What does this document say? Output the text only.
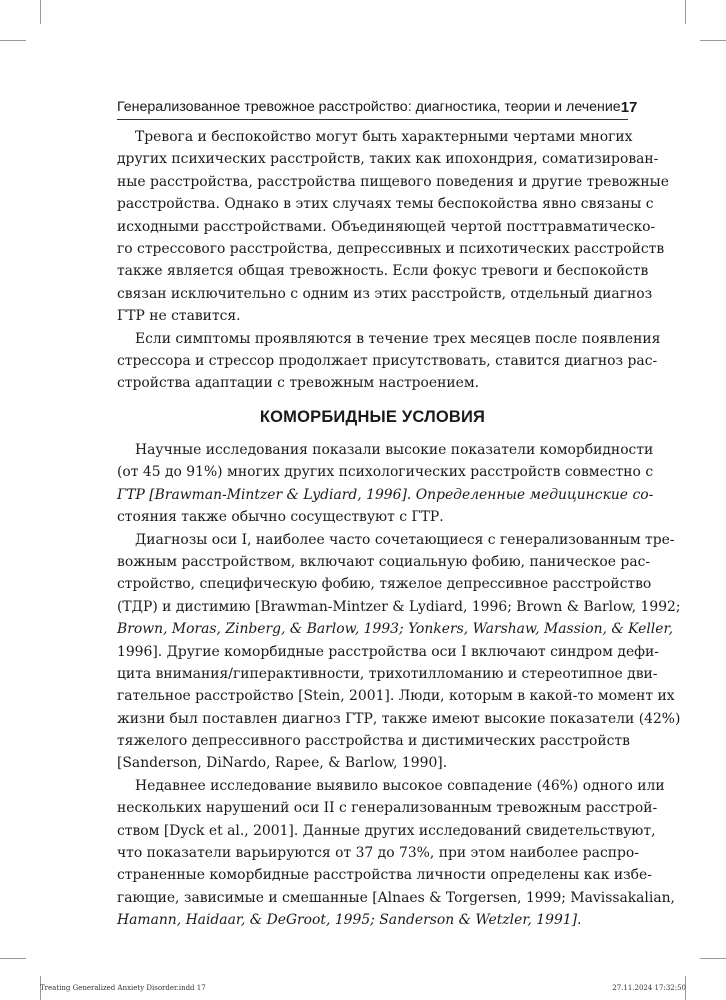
Генерализованное тревожное расстройство: диагностика, теории и лечение 17

Тревога и беспокойство могут быть характерными чертами многих
других психических расстройств, таких как ипохондрия, соматизирован-
ные расстройства, расстройства пищевого поведения и другие тревожные
расстройства. Однако в этих случаях темы беспокойства явно связаны с
исходными расстройствами. Объединяющей чертой посттравматическо-
го стрессового расстройства, депрессивных и психотических расстройств
также является общая тревожность. Если фокус тревоги и беспокойств
связан исключительно с одним из этих расстройств, отдельный диагноз
ГТР не ставится.

Если симптомы проявляются в течение трех месяцев после появления
стрессора и стрессор продолжает присутствовать, ставится диагноз рас-
стройства адаптации с тревожным настроением.

КОМОРБИДНЫЕ УСЛОВИЯ

Научные исследования показали высокие показатели коморбидности
(от 45 до 91%) многих других психологических расстройств совместно с
ГТР [Brawman-Mintzer & Lydiard, 1996]. Определенные медицинские со-
стояния также обычно сосуществуют с ГТР.

Диагнозы оси I, наиболее часто сочетающиеся с генерализованным тре-
вожным расстройством, включают социальную фобию, паническое рас-
стройство, специфическую фобию, тяжелое депрессивное расстройство
(ТДР) и дистимию [Brawman-Mintzer & Lydiard, 1996; Brown & Barlow, 1992;
Brown, Moras, Zinberg, & Barlow, 1993; Yonkers, Warshaw, Massion, & Keller,
1996]. Другие коморбидные расстройства оси I включают синдром дефи-
цита внимания/гиперактивности, трихотилломанию и стереотипное дви-
гательное расстройство [Stein, 2001]. Люди, которым в какой-то момент их
жизни был поставлен диагноз ГТР, также имеют высокие показатели (42%)
тяжелого депрессивного расстройства и дистимических расстройств
[Sanderson, DiNardo, Rapee, & Barlow, 1990].

Недавнее исследование выявило высокое совпадение (46%) одного или
нескольких нарушений оси II с генерализованным тревожным расстрой-
ством [Dyck et al., 2001]. Данные других исследований свидетельствуют,
что показатели варьируются от 37 до 73%, при этом наиболее распро-
страненные коморбидные расстройства личности определены как избе-
гающие, зависимые и смешанные [Alnaes & Torgersen, 1999; Mavissakalian,
Hamann, Haidaar, & DeGroot, 1995; Sanderson & Wetzler, 1991].

Treating Generalized Anxiety Disorder.indd 17	27.11.2024 17:32:50
